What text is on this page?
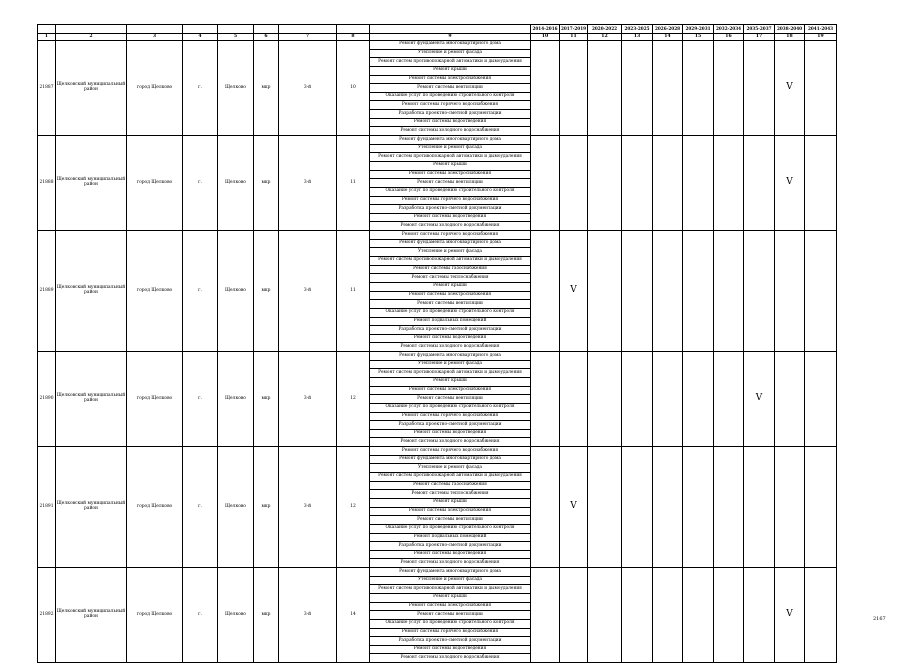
									2014-2016	2017-2019	2020-2022	2023-2025	2026-2028	2029-2031	2032-2034	2035-2037	2038-2040	2041-2043
1	2	3	4	5	6	7	8	9	10	11	12	13	14	15	16	17	18	19
21887	Щелковский муниципальный район	город Щелково	г.	Щелково	мкр	3-й	10	Ремонт фундамента многоквартирного дома									V	
								Утепление и ремонт фасада										
								Ремонт систем противопожарной автоматики и дымоудаления										
								Ремонт крыши										
								Ремонт системы электроснабжения										
								Ремонт системы вентиляции										
								Оказание услуг по проведению строительного контроля										
								Ремонт системы горячего водоснабжения										
								Разработка проектно-сметной документации										
								Ремонт системы водоотведения										
								Ремонт системы холодного водоснабжения										
21888	Щелковский муниципальный район	город Щелково	г.	Щелково	мкр	3-й	11	Ремонт фундамента многоквартирного дома									V	
								Утепление и ремонт фасада										
								Ремонт систем противопожарной автоматики и дымоудаления										
								Ремонт крыши										
								Ремонт системы электроснабжения										
								Ремонт системы вентиляции										
								Оказание услуг по проведению строительного контроля										
								Ремонт системы горячего водоснабжения										
								Разработка проектно-сметной документации										
								Ремонт системы водоотведения										
								Ремонт системы холодного водоснабжения										
21889	Щелковский муниципальный район	город Щелково	г.	Щелково	мкр	3-й	11	Ремонт системы горячего водоснабжения		V								
								Ремонт фундамента многоквартирного дома										
								Утепление и ремонт фасада										
								Ремонт систем противопожарной автоматики и дымоудаления										
								Ремонт системы газоснабжения										
								Ремонт системы теплоснабжения										
								Ремонт крыши										
								Ремонт системы электроснабжения										
								Ремонт системы вентиляции										
								Оказание услуг по проведению строительного контроля										
								Ремонт подвальных помещений										
								Разработка проектно-сметной документации										
								Ремонт системы водоотведения										
								Ремонт системы холодного водоснабжения										
21890	Щелковский муниципальный район	город Щелково	г.	Щелково	мкр	3-й	12	Ремонт фундамента многоквартирного дома								V		
								Утепление и ремонт фасада										
								Ремонт систем противопожарной автоматики и дымоудаления										
								Ремонт крыши										
								Ремонт системы электроснабжения										
								Ремонт системы вентиляции										
								Оказание услуг по проведению строительного контроля										
								Ремонт системы горячего водоснабжения										
								Разработка проектно-сметной документации										
								Ремонт системы водоотведения										
								Ремонт системы холодного водоснабжения										
21891	Щелковский муниципальный район	город Щелково	г.	Щелково	мкр	3-й	12	Ремонт системы горячего водоснабжения		V								
								Ремонт фундамента многоквартирного дома										
								Утепление и ремонт фасада										
								Ремонт систем противопожарной автоматики и дымоудаления										
								Ремонт системы газоснабжения										
								Ремонт системы теплоснабжения										
								Ремонт крыши										
								Ремонт системы электроснабжения										
								Ремонт системы вентиляции										
								Оказание услуг по проведению строительного контроля										
								Ремонт подвальных помещений										
								Разработка проектно-сметной документации										
								Ремонт системы водоотведения										
								Ремонт системы холодного водоснабжения										
21892	Щелковский муниципальный район	город Щелково	г.	Щелково	мкр	3-й	14	Ремонт фундамента многоквартирного дома									V	
								Утепление и ремонт фасада										
								Ремонт систем противопожарной автоматики и дымоудаления										
								Ремонт крыши										
								Ремонт системы электроснабжения										
								Ремонт системы вентиляции										
								Оказание услуг по проведению строительного контроля										
								Ремонт системы горячего водоснабжения										
								Разработка проектно-сметной документации										
								Ремонт системы водоотведения										
								Ремонт системы холодного водоснабжения										
2167
